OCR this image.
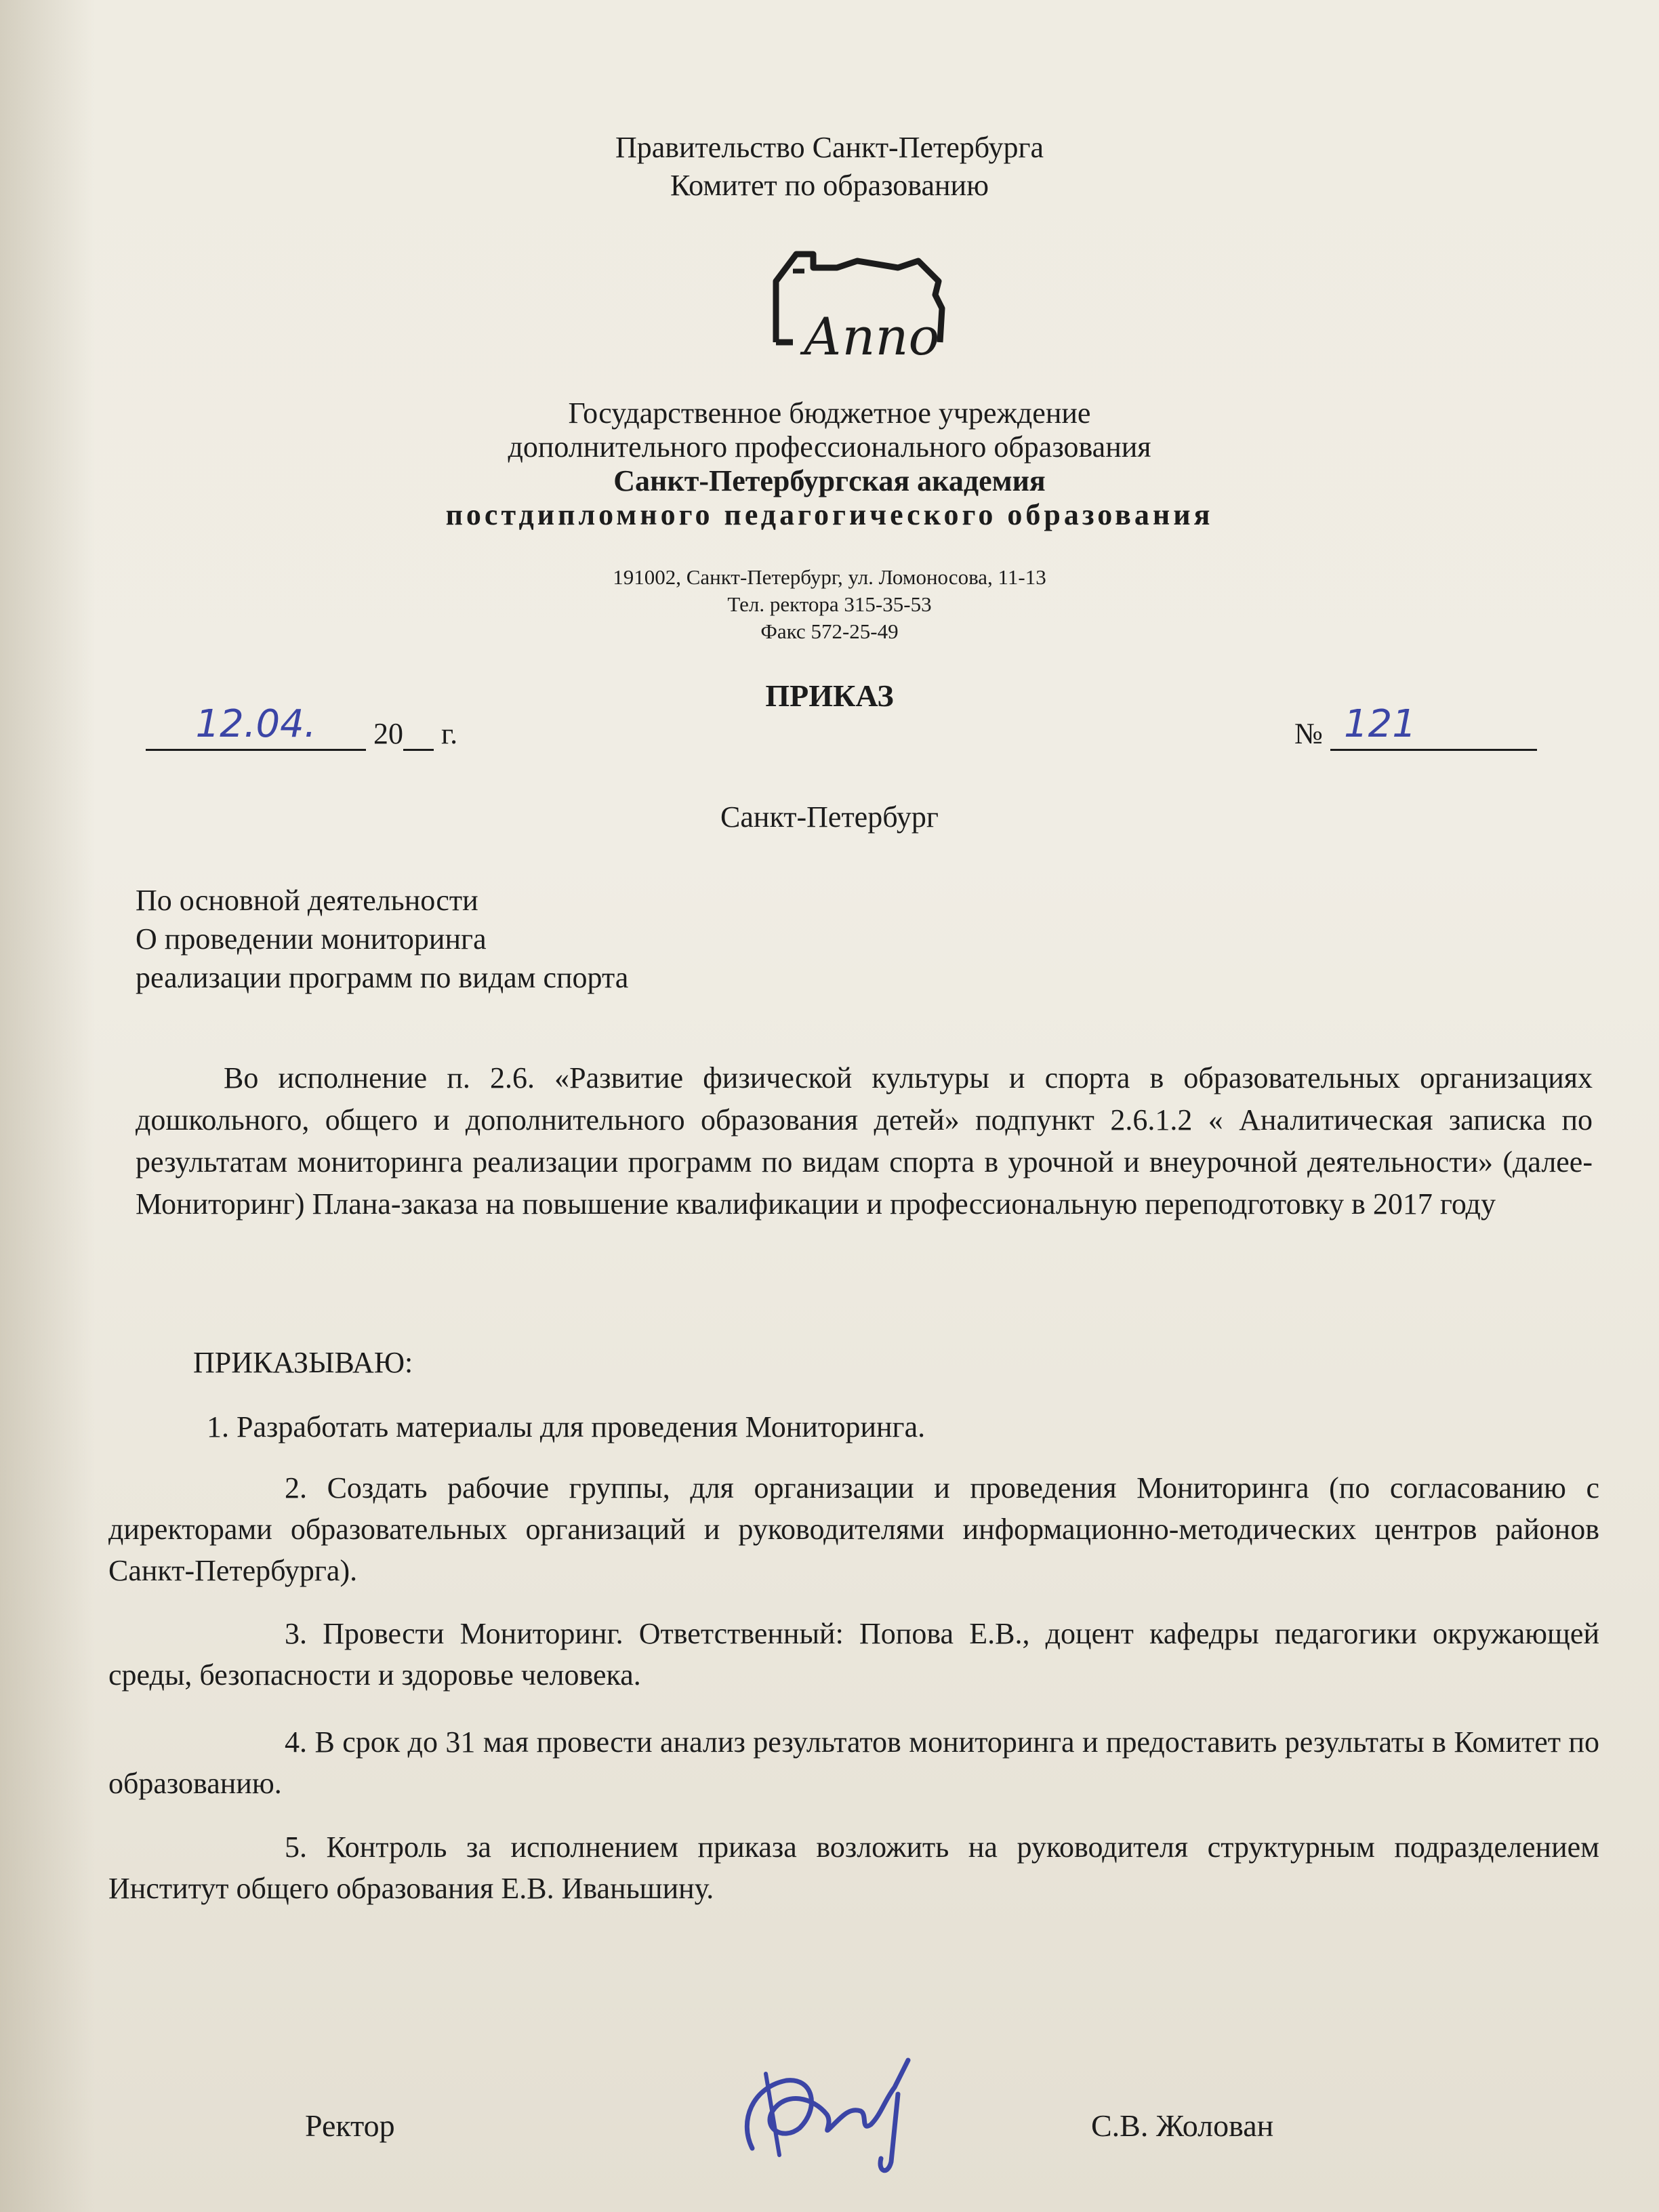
Правительство Санкт-Петербурга
Комитет по образованию
Аппо
Государственное бюджетное учреждение
дополнительного профессионального образования
Санкт-Петербургская академия
постдипломного педагогического образования
191002, Санкт-Петербург, ул. Ломоносова, 11-13
Тел. ректора 315-35-53
Факс 572-25-49
ПРИКАЗ
12.04.	20 г.	№ 121
Санкт-Петербург
По основной деятельности
О проведении мониторинга
реализации программ по видам спорта

Во исполнение п. 2.6. «Развитие физической культуры и спорта в образовательных организациях дошкольного, общего и дополнительного образования детей» подпункт 2.6.1.2 « Аналитическая записка по результатам мониторинга реализации программ по видам спорта в урочной и внеурочной деятельности» (далее-Мониторинг) Плана-заказа на повышение квалификации и профессиональную переподготовку в 2017 году

ПРИКАЗЫВАЮ:
1. Разработать материалы для проведения Мониторинга.
2. Создать рабочие группы, для организации и проведения Мониторинга (по согласованию с директорами образовательных организаций и руководителями информационно-методических центров районов Санкт-Петербурга).
3. Провести Мониторинг. Ответственный: Попова Е.В., доцент кафедры педагогики окружающей среды, безопасности и здоровье человека.
4. В срок до 31 мая провести анализ результатов мониторинга и предоставить результаты в Комитет по образованию.
5. Контроль за исполнением приказа возложить на руководителя структурным подразделением Институт общего образования Е.В. Иваньшину.
Ректор	С.В. Жолован
